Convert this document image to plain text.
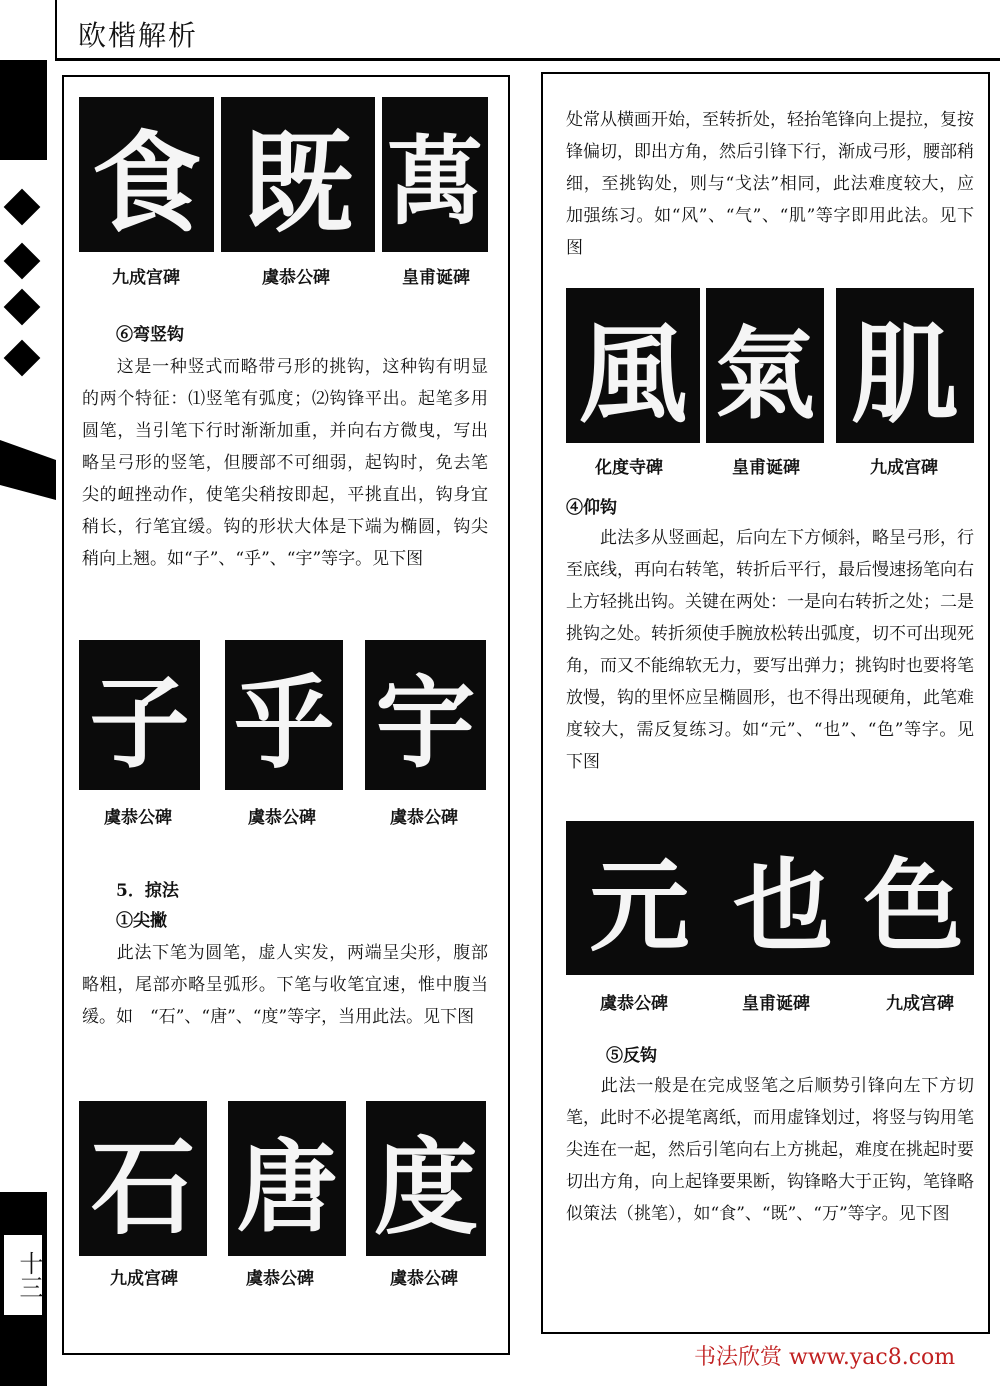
十三
欧楷解析
食 既 萬
九成宫碑	虞恭公碑	皇甫诞碑
⑥弯竖钩
这是一种竖式而略带弓形的挑钩，这种钩有明显的两个特征：⑴竖笔有弧度；⑵钩锋平出。起笔多用圆笔，当引笔下行时渐渐加重，并向右方微曳，写出略呈弓形的竖笔，但腰部不可细弱，起钩时，免去笔尖的衄挫动作，使笔尖稍按即起，平挑直出，钩身宜稍长，行笔宜缓。钩的形状大体是下端为椭圆，钩尖稍向上翘。如“子”、“乎”、“宇”等字。见下图
子 乎 宇
虞恭公碑	虞恭公碑	虞恭公碑
5．掠法
①尖撇
此法下笔为圆笔，虚人实发，两端呈尖形，腹部略粗，尾部亦略呈弧形。下笔与收笔宜速，惟中腹当缓。如　“石”、“唐”、“度”等字，当用此法。见下图
石 唐 度
九成宫碑	虞恭公碑	虞恭公碑
处常从横画开始，至转折处，轻抬笔锋向上提拉，复按锋偏切，即出方角，然后引锋下行，渐成弓形，腰部稍细，至挑钩处，则与“戈法”相同，此法难度较大，应加强练习。如“风”、“气”、“肌”等字即用此法。见下图
風 氣 肌
化度寺碑	皇甫诞碑	九成宫碑
④仰钩
此法多从竖画起，后向左下方倾斜，略呈弓形，行至底线，再向右转笔，转折后平行，最后慢速扬笔向右上方轻挑出钩。关键在两处：一是向右转折之处；二是挑钩之处。转折须使手腕放松转出弧度，切不可出现死角，而又不能绵软无力，要写出弹力；挑钩时也要将笔放慢，钩的里怀应呈椭圆形，也不得出现硬角，此笔难度较大，需反复练习。如“元”、“也”、“色”等字。见下图
元 也 色
虞恭公碑	皇甫诞碑	九成宫碑
⑤反钩
此法一般是在完成竖笔之后顺势引锋向左下方切笔，此时不必提笔离纸，而用虚锋划过，将竖与钩用笔尖连在一起，然后引笔向右上方挑起，难度在挑起时要切出方角，向上起锋要果断，钩锋略大于正钩，笔锋略似策法（挑笔），如“食”、“既”、“万”等字。见下图
书法欣赏 www.yac8.com
